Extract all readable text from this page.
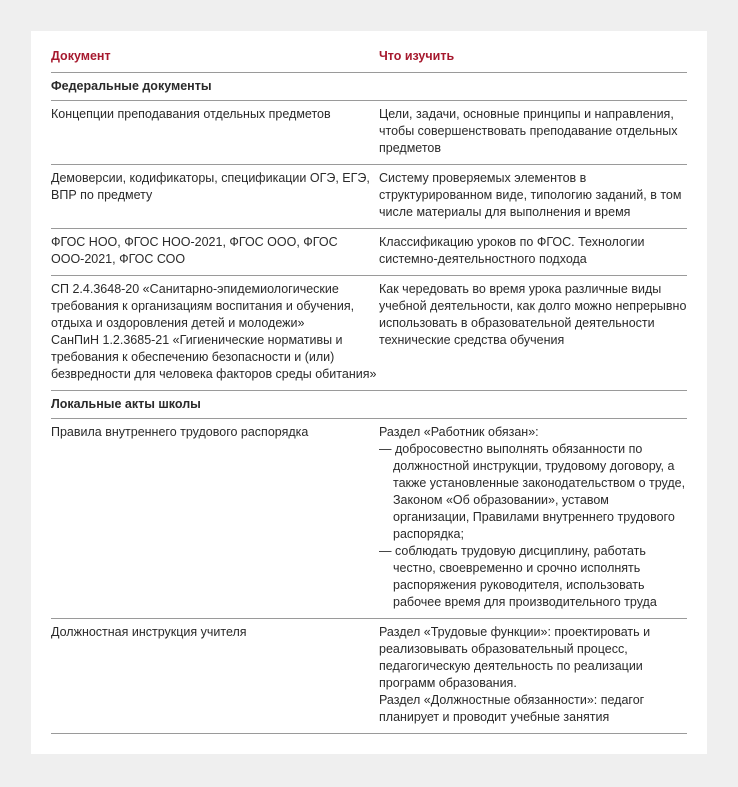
Документ	Что изучить
Федеральные документы	

Концепции преподавания отдельных предметов	Цели, задачи, основные принципы и направления, чтобы совершенствовать преподавание отдельных предметов

Демоверсии, кодификаторы, спецификации ОГЭ, ЕГЭ, ВПР по предмету	Систему проверяемых элементов в структурированном виде, типологию заданий, в том числе материалы для выполнения и время

ФГОС НОО, ФГОС НОО-2021, ФГОС ООО, ФГОС ООО-2021, ФГОС СОО	Классификацию уроков по ФГОС. Технологии системно-деятельностного подхода

СП 2.4.3648-20 «Санитарно-эпидемиологические требования к организациям воспитания и обучения, отдыха и оздоровления детей и молодежи»
СанПиН 1.2.3685-21 «Гигиенические нормативы и требования к обеспечению безопасности и (или) безвредности для человека факторов среды обитания»	Как чередовать во время урока различные виды учебной деятельности, как долго можно непрерывно использовать в образовательной деятельности технические средства обучения

Локальные акты школы	

Правила внутреннего трудового распорядка	Раздел «Работник обязан»:
— добросовестно выполнять обязанности по должностной инструкции, трудовому договору, а также установленные законодательством о труде, Законом «Об образовании», уставом организации, Правилами внутреннего трудового распорядка;
— соблюдать трудовую дисциплину, работать честно, своевременно и срочно исполнять распоряжения руководителя, использовать рабочее время для производительного труда

Должностная инструкция учителя	Раздел «Трудовые функции»: проектировать и реализовывать образовательный процесс, педагогическую деятельность по реализации программ образования.
Раздел «Должностные обязанности»: педагог планирует и проводит учебные занятия
